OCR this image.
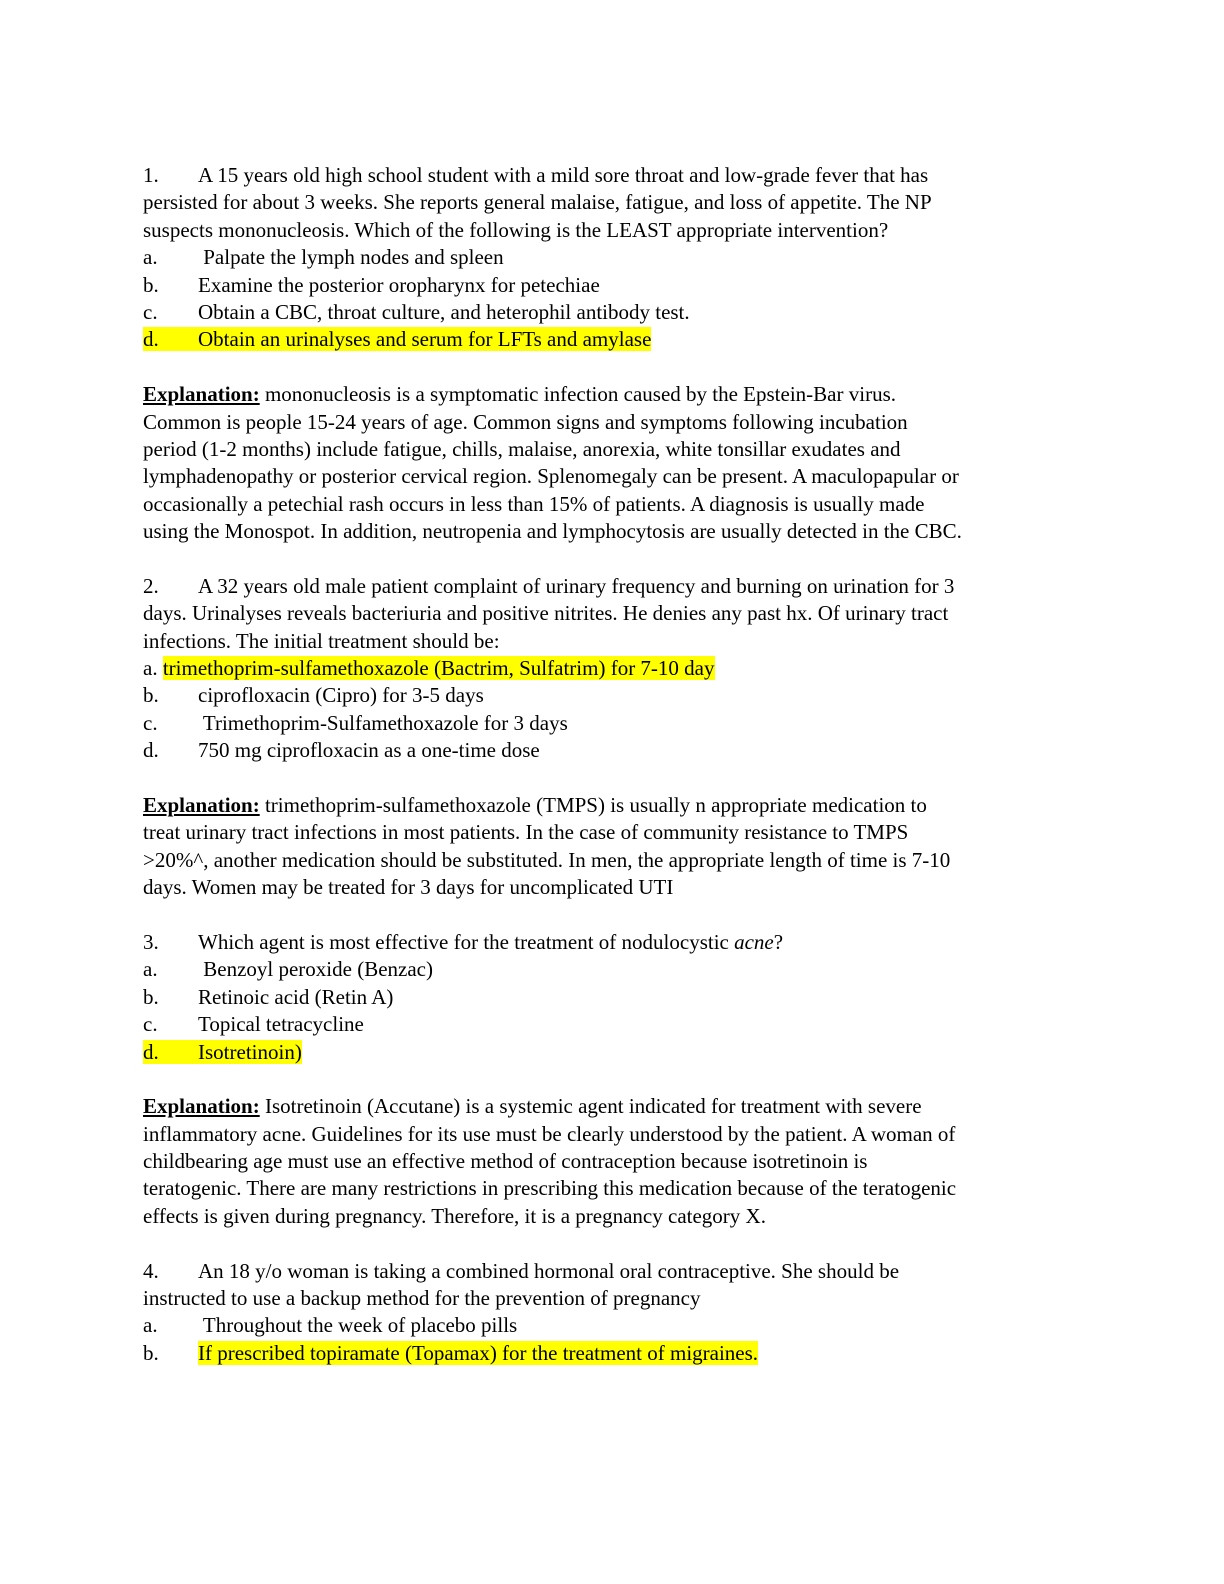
1. A 15 years old high school student with a mild sore throat and low-grade fever that has
persisted for about 3 weeks. She reports general malaise, fatigue, and loss of appetite. The NP
suspects mononucleosis. Which of the following is the LEAST appropriate intervention?
a. Palpate the lymph nodes and spleen
b. Examine the posterior oropharynx for petechiae
c. Obtain a CBC, throat culture, and heterophil antibody test.
d. Obtain an urinalyses and serum for LFTs and amylase
Explanation: mononucleosis is a symptomatic infection caused by the Epstein-Bar virus.
Common is people 15-24 years of age. Common signs and symptoms following incubation
period (1-2 months) include fatigue, chills, malaise, anorexia, white tonsillar exudates and
lymphadenopathy or posterior cervical region. Splenomegaly can be present. A maculopapular or
occasionally a petechial rash occurs in less than 15% of patients. A diagnosis is usually made
using the Monospot. In addition, neutropenia and lymphocytosis are usually detected in the CBC.
2. A 32 years old male patient complaint of urinary frequency and burning on urination for 3
days. Urinalyses reveals bacteriuria and positive nitrites. He denies any past hx. Of urinary tract
infections. The initial treatment should be:
a. trimethoprim-sulfamethoxazole (Bactrim, Sulfatrim) for 7-10 day
b. ciprofloxacin (Cipro) for 3-5 days
c. Trimethoprim-Sulfamethoxazole for 3 days
d. 750 mg ciprofloxacin as a one-time dose
Explanation: trimethoprim-sulfamethoxazole (TMPS) is usually n appropriate medication to
treat urinary tract infections in most patients. In the case of community resistance to TMPS
>20%^, another medication should be substituted. In men, the appropriate length of time is 7-10
days. Women may be treated for 3 days for uncomplicated UTI
3. Which agent is most effective for the treatment of nodulocystic acne?
a. Benzoyl peroxide (Benzac)
b. Retinoic acid (Retin A)
c. Topical tetracycline
d. Isotretinoin)
Explanation: Isotretinoin (Accutane) is a systemic agent indicated for treatment with severe
inflammatory acne. Guidelines for its use must be clearly understood by the patient. A woman of
childbearing age must use an effective method of contraception because isotretinoin is
teratogenic. There are many restrictions in prescribing this medication because of the teratogenic
effects is given during pregnancy. Therefore, it is a pregnancy category X.
4. An 18 y/o woman is taking a combined hormonal oral contraceptive. She should be
instructed to use a backup method for the prevention of pregnancy
a. Throughout the week of placebo pills
b. If prescribed topiramate (Topamax) for the treatment of migraines.
